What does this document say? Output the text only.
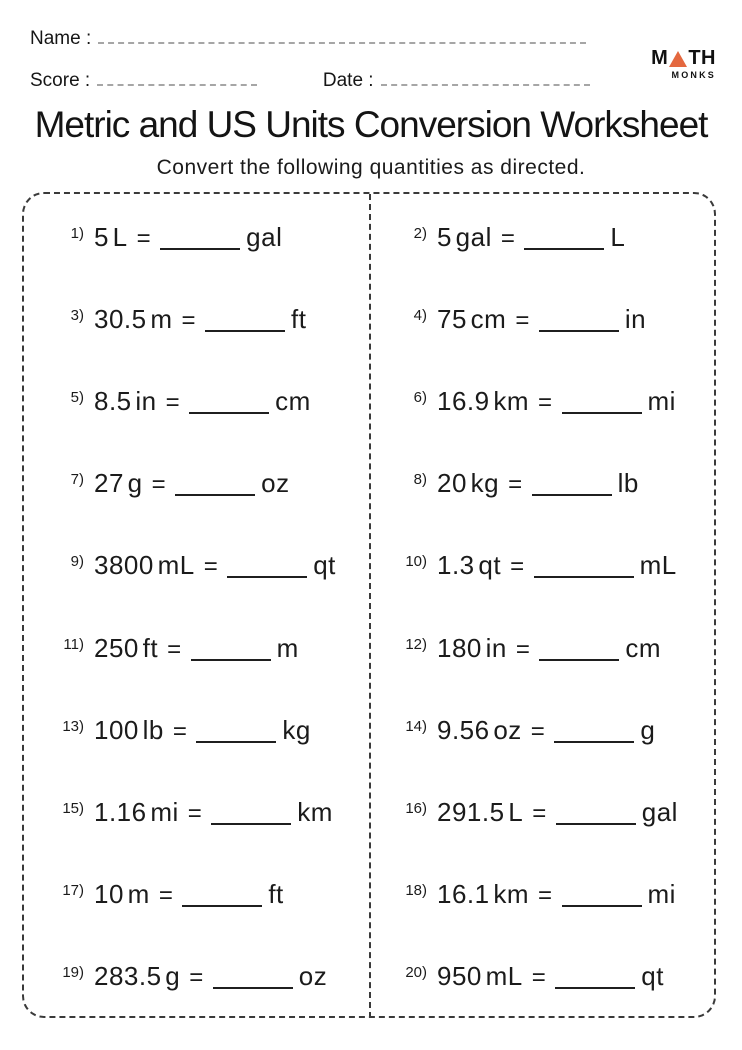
Name :
Score :	Date :
M TH
MONKS
Metric and US Units Conversion Worksheet
Convert the following quantities as directed.
1) 5 L =	gal
3) 30.5 m =	ft
5) 8.5 in =	cm
7) 27 g =	oz
9) 3800 mL =	qt
11) 250 ft =	m
13) 100 lb =	kg
15) 1.16 mi =	km
17) 10 m =	ft
19) 283.5 g =	oz
2) 5 gal =	L
4) 75 cm =	in
6) 16.9 km =	mi
8) 20 kg =	lb
10) 1.3 qt =	mL
12) 180 in =	cm
14) 9.56 oz =	g
16) 291.5 L =	gal
18) 16.1 km =	mi
20) 950 mL =	qt
